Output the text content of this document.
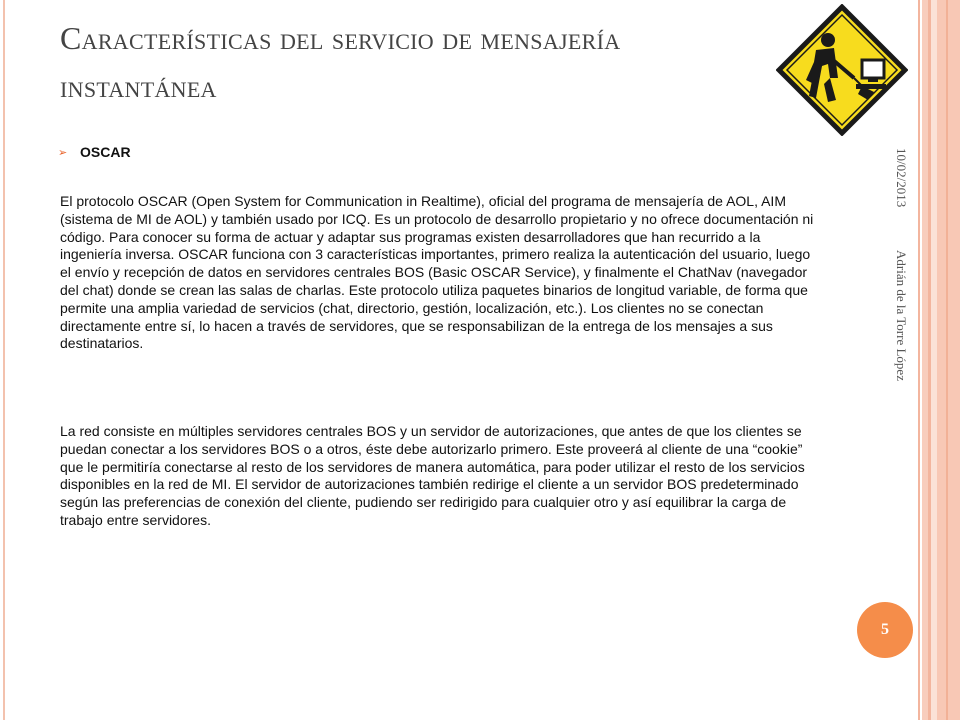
Características del servicio de mensajería instantánea
➢ OSCAR

El protocolo OSCAR (Open System for Communication in Realtime), oficial del programa de mensajería de AOL, AIM (sistema de MI de AOL) y también usado por ICQ. Es un protocolo de desarrollo propietario y no ofrece documentación ni código. Para conocer su forma de actuar y adaptar sus programas existen desarrolladores que han recurrido a la ingeniería inversa. OSCAR funciona con 3 características importantes, primero realiza la autenticación del usuario, luego el envío y recepción de datos en servidores centrales BOS (Basic OSCAR Service), y finalmente el ChatNav (navegador del chat) donde se crean las salas de charlas. Este protocolo utiliza paquetes binarios de longitud variable, de forma que permite una amplia variedad de servicios (chat, directorio, gestión, localización, etc.). Los clientes no se conectan directamente entre sí, lo hacen a través de servidores, que se responsabilizan de la entrega de los mensajes a sus destinatarios.

La red consiste en múltiples servidores centrales BOS y un servidor de autorizaciones, que antes de que los clientes se puedan conectar a los servidores BOS o a otros, éste debe autorizarlo primero. Este proveerá al cliente de una “cookie” que le permitiría conectarse al resto de los servidores de manera automática, para poder utilizar el resto de los servicios disponibles en la red de MI. El servidor de autorizaciones también redirige el cliente a un servidor BOS predeterminado según las preferencias de conexión del cliente, pudiendo ser redirigido para cualquier otro y así equilibrar la carga de trabajo entre servidores.

10/02/2013
Adrián de la Torre López
5
